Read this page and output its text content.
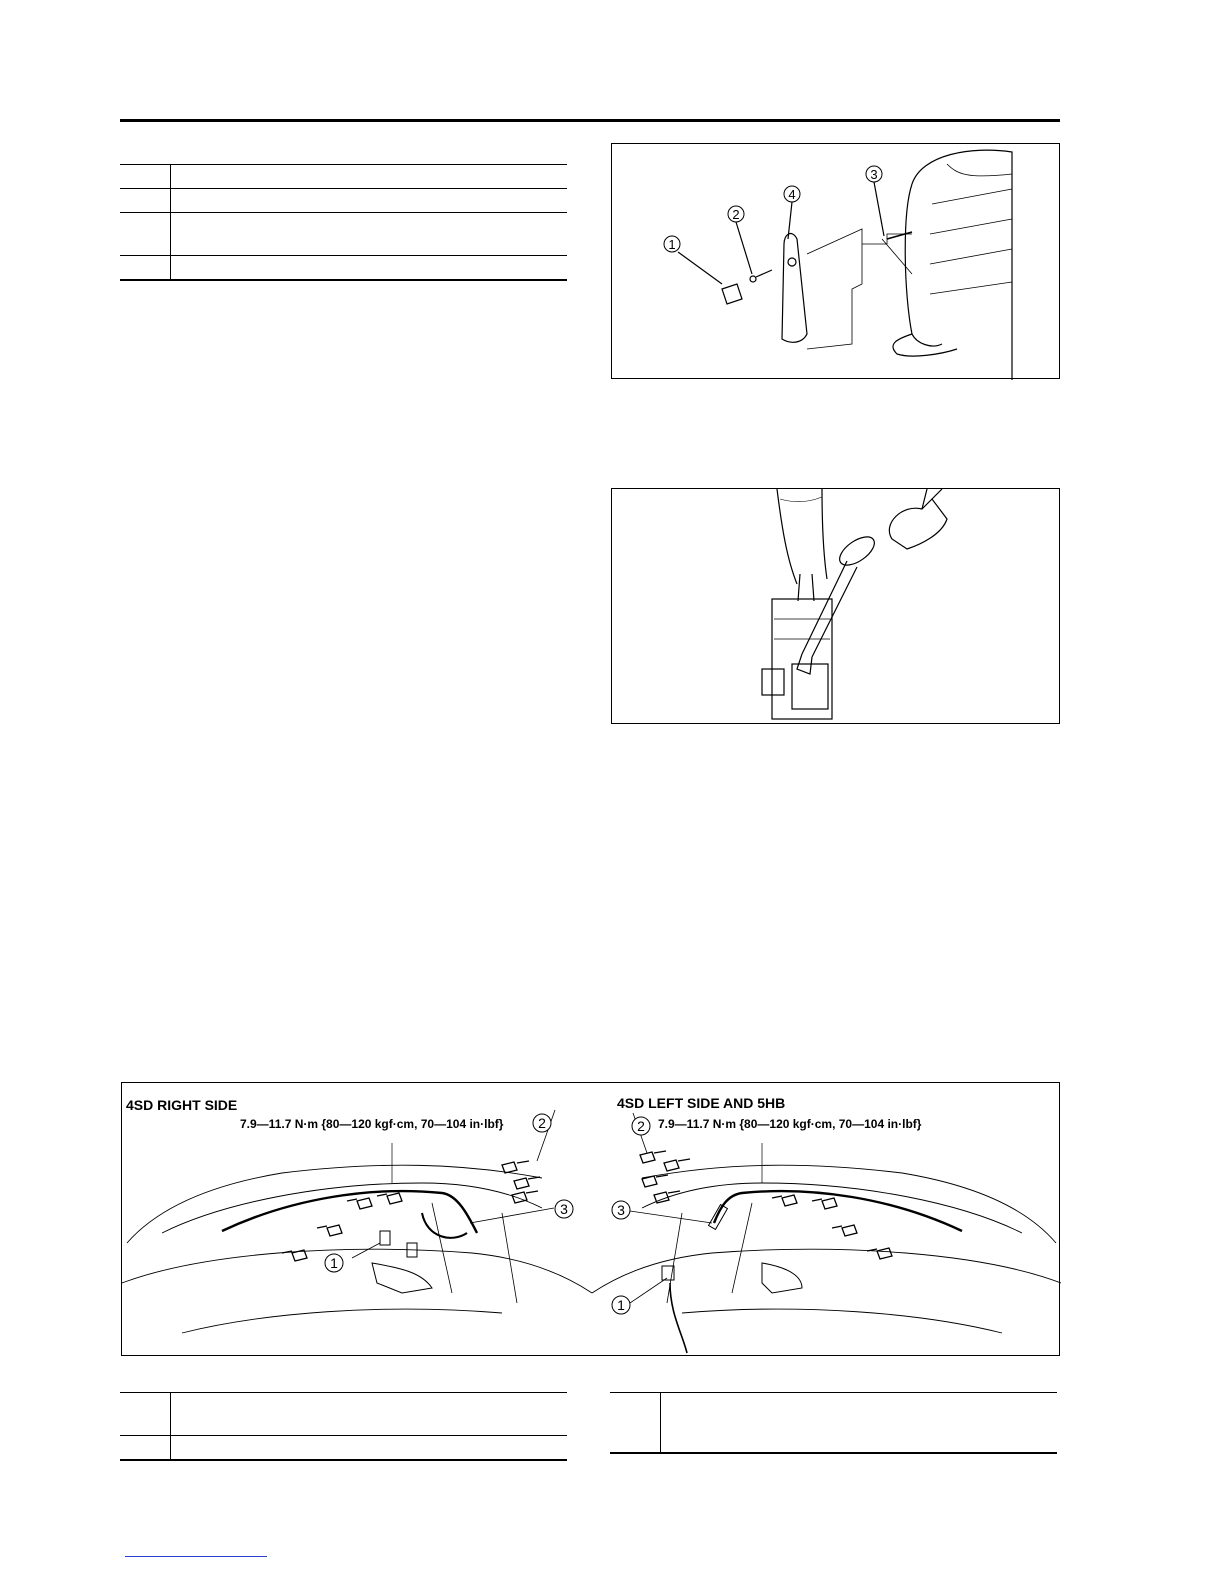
1
2
3
4
4SD RIGHT SIDE
7.9—11.7 N·m {80—120 kgf·cm, 70—104 in·lbf}
4SD LEFT SIDE AND 5HB
7.9—11.7 N·m {80—120 kgf·cm, 70—104 in·lbf}
1
2
3
1
2
3
